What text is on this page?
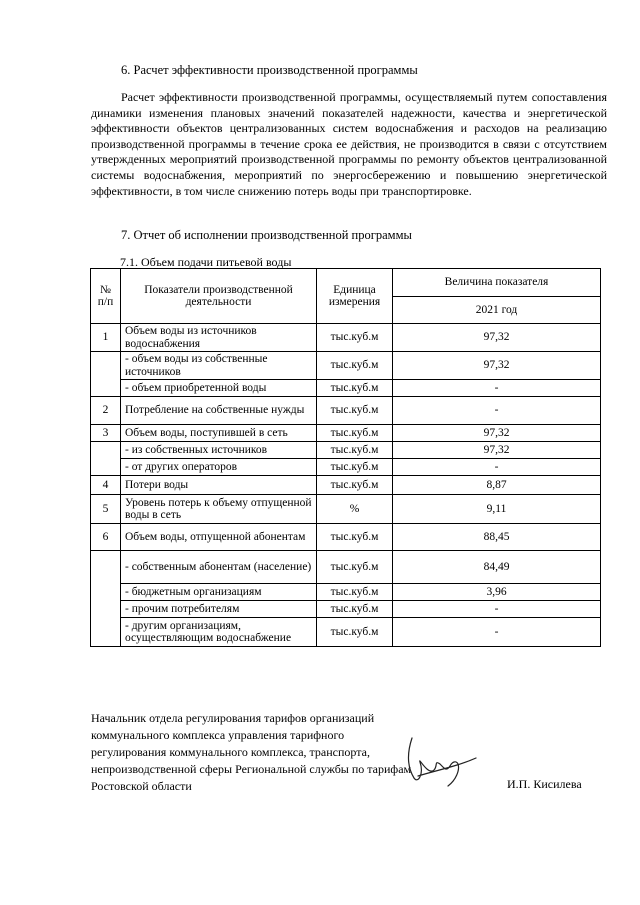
6. Расчет эффективности производственной программы

Расчет эффективности производственной программы, осуществляемый путем сопоставления динамики изменения плановых значений показателей надежности, качества и энергетической эффективности объектов централизованных систем водоснабжения и расходов на реализацию производственной программы в течение срока ее действия, не производится в связи с отсутствием утвержденных мероприятий производственной программы по ремонту объектов централизованной системы водоснабжения, мероприятий по энергосбережению и повышению энергетической эффективности, в том числе снижению потерь воды при транспортировке.

7. Отчет об исполнении производственной программы
7.1. Объем подачи питьевой воды
№ п/п	Показатели производственной деятельности	Единица измерения	Величина показателя
			2021 год
1	Объем воды из источников водоснабжения	тыс.куб.м	97,32
	- объем воды из собственные источников	тыс.куб.м	97,32
	- объем приобретенной воды	тыс.куб.м	-
2	Потребление на собственные нужды	тыс.куб.м	-
3	Объем воды, поступившей в сеть	тыс.куб.м	97,32
	- из собственных источников	тыс.куб.м	97,32
	- от других операторов	тыс.куб.м	-
4	Потери воды	тыс.куб.м	8,87
5	Уровень потерь к объему отпущенной воды в сеть	%	9,11
6	Объем воды, отпущенной абонентам	тыс.куб.м	88,45
	- собственным абонентам (население)	тыс.куб.м	84,49
	- бюджетным организациям	тыс.куб.м	3,96
	- прочим потребителям	тыс.куб.м	-
	- другим организациям, осуществляющим водоснабжение	тыс.куб.м	-

Начальник отдела регулирования тарифов организаций коммунального комплекса управления тарифного регулирования коммунального комплекса, транспорта, непроизводственной сферы Региональной службы по тарифам Ростовской области	И.П. Кисилева
